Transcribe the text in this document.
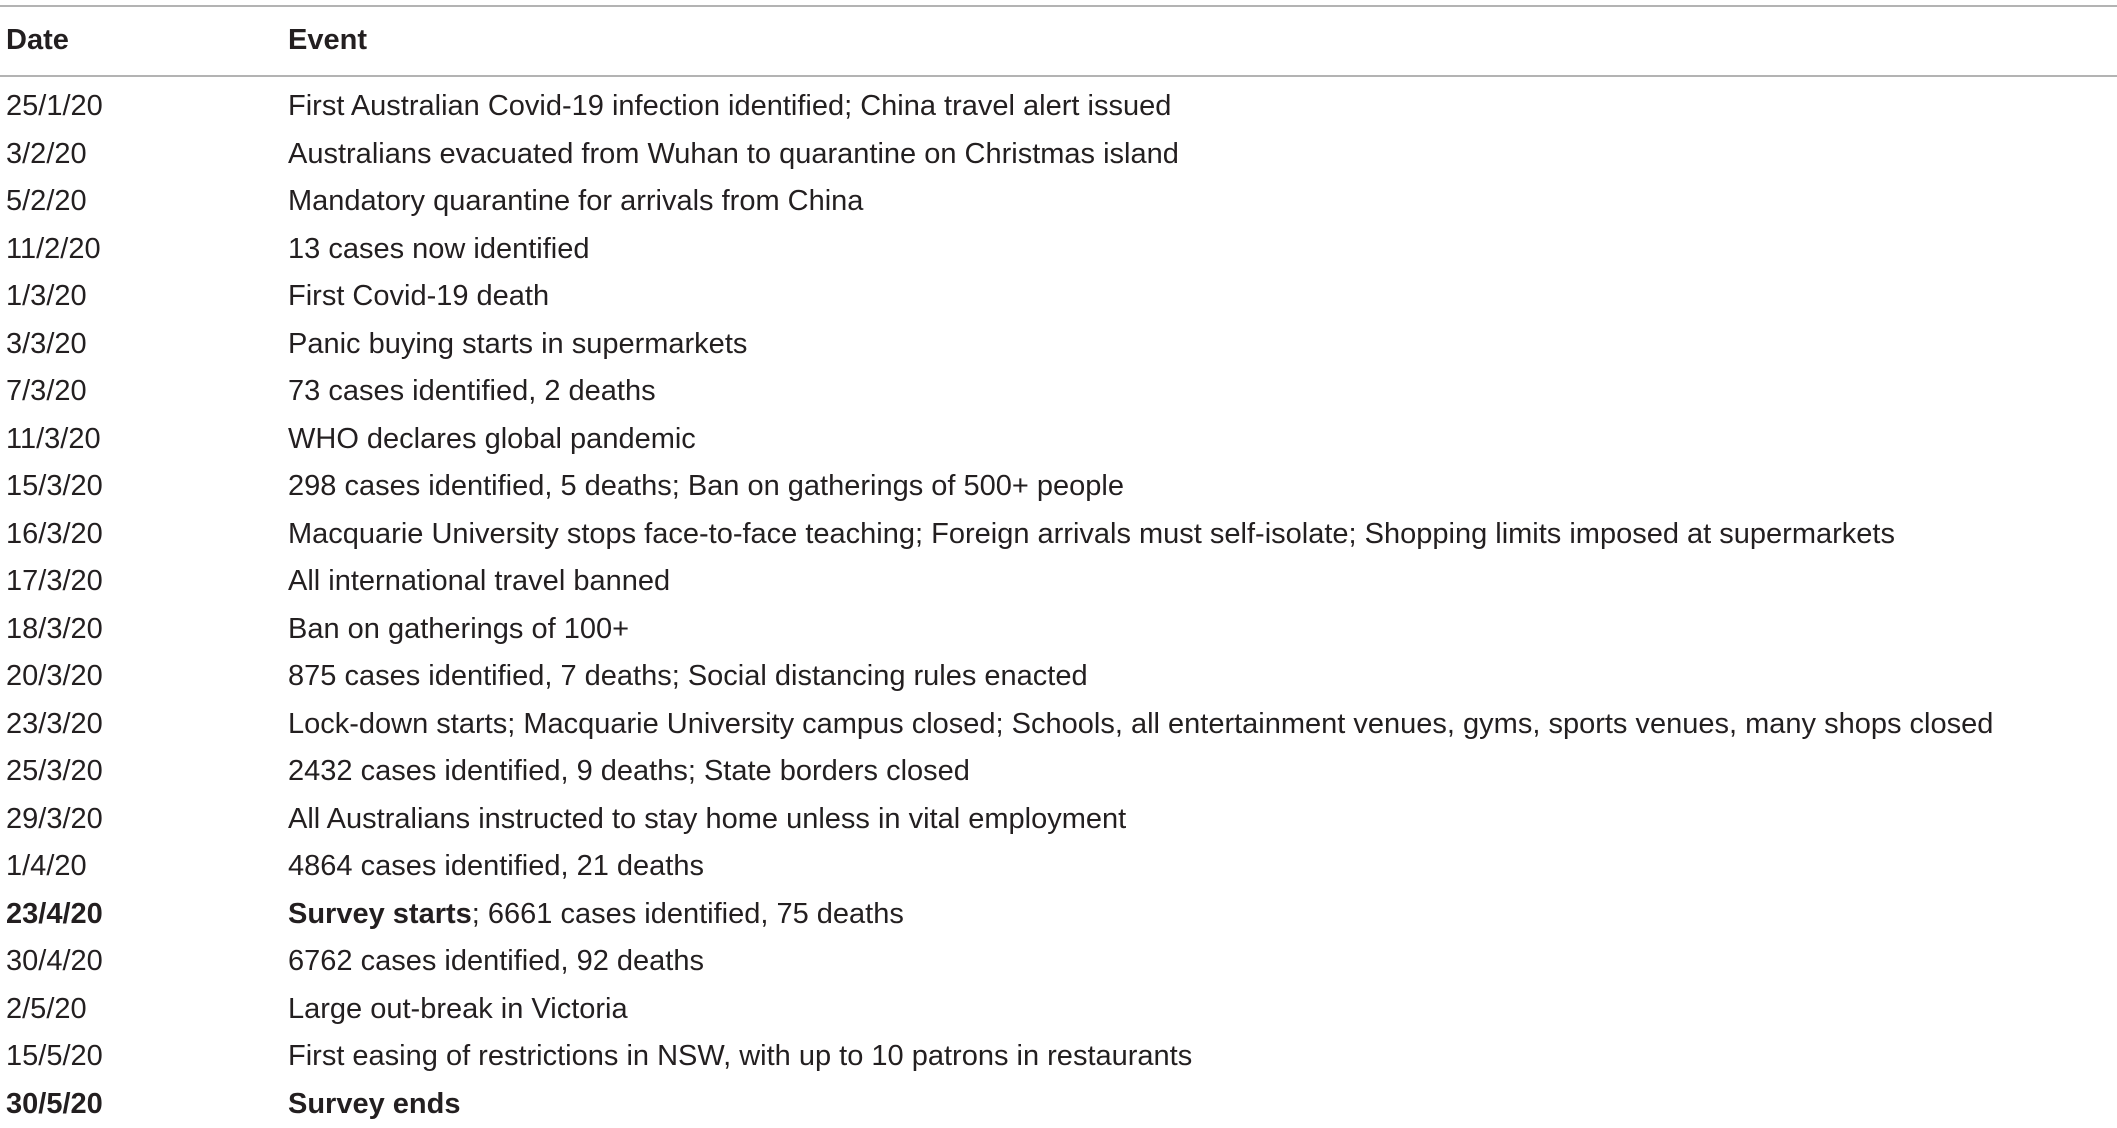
Date	Event
25/1/20	First Australian Covid-19 infection identified; China travel alert issued
3/2/20	Australians evacuated from Wuhan to quarantine on Christmas island
5/2/20	Mandatory quarantine for arrivals from China
11/2/20	13 cases now identified
1/3/20	First Covid-19 death
3/3/20	Panic buying starts in supermarkets
7/3/20	73 cases identified, 2 deaths
11/3/20	WHO declares global pandemic
15/3/20	298 cases identified, 5 deaths; Ban on gatherings of 500+ people
16/3/20	Macquarie University stops face-to-face teaching; Foreign arrivals must self-isolate; Shopping limits imposed at supermarkets
17/3/20	All international travel banned
18/3/20	Ban on gatherings of 100+
20/3/20	875 cases identified, 7 deaths; Social distancing rules enacted
23/3/20	Lock-down starts; Macquarie University campus closed; Schools, all entertainment venues, gyms, sports venues, many shops closed
25/3/20	2432 cases identified, 9 deaths; State borders closed
29/3/20	All Australians instructed to stay home unless in vital employment
1/4/20	4864 cases identified, 21 deaths
23/4/20	Survey starts; 6661 cases identified, 75 deaths
30/4/20	6762 cases identified, 92 deaths
2/5/20	Large out-break in Victoria
15/5/20	First easing of restrictions in NSW, with up to 10 patrons in restaurants
30/5/20	Survey ends
